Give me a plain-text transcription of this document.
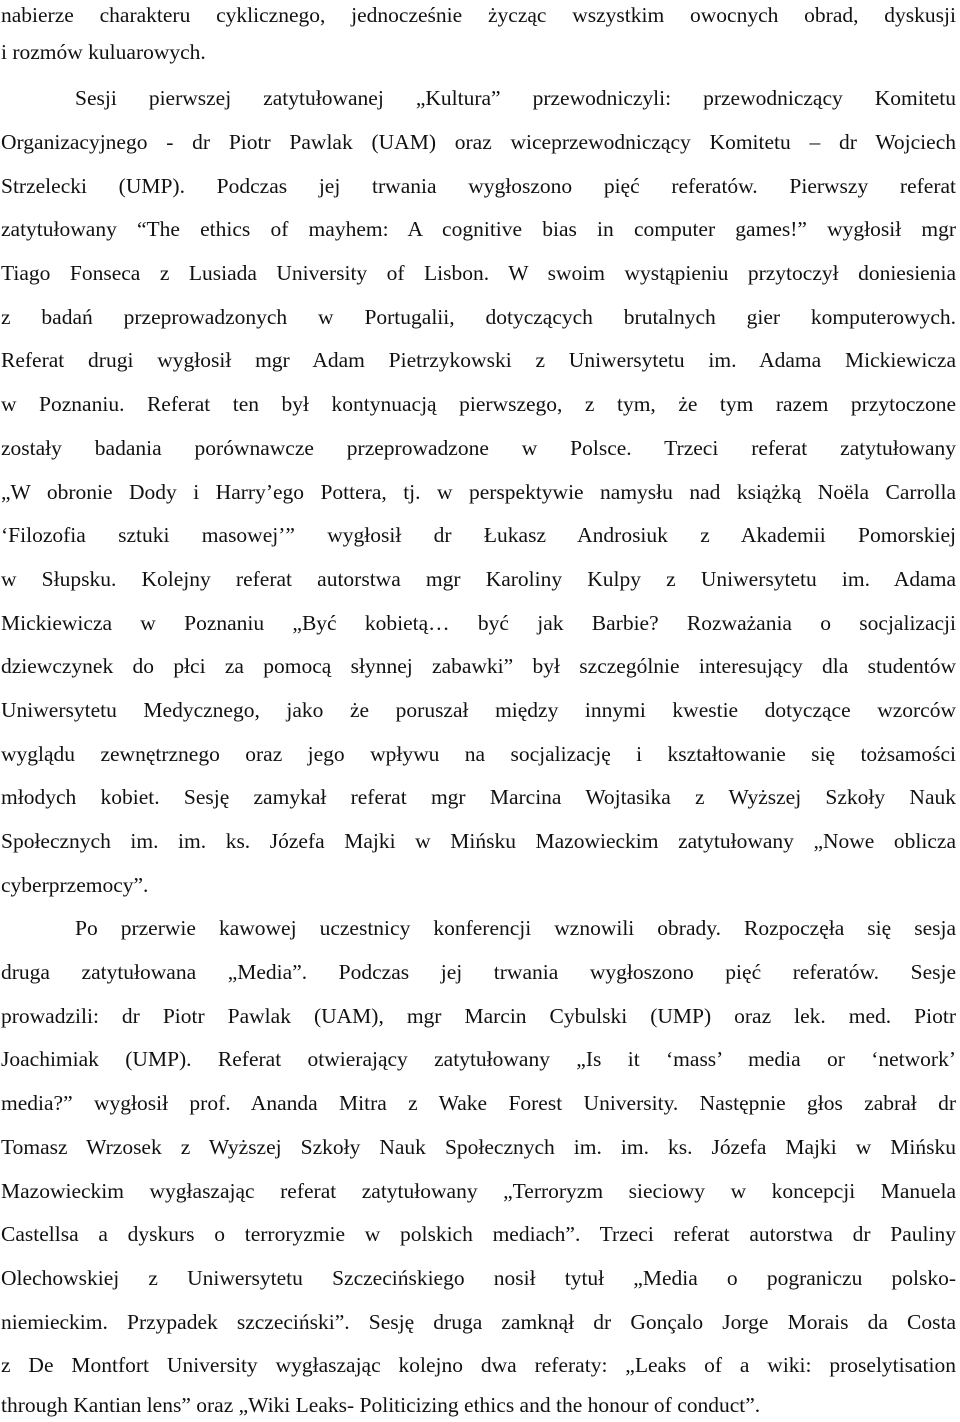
nabierze charakteru cyklicznego, jednocześnie życząc wszystkim owocnych obrad, dyskusji
i rozmów kuluarowych.
Sesji pierwszej zatytułowanej „Kultura” przewodniczyli: przewodniczący Komitetu
Organizacyjnego - dr Piotr Pawlak (UAM) oraz wiceprzewodniczący Komitetu – dr Wojciech
Strzelecki (UMP). Podczas jej trwania wygłoszono pięć referatów. Pierwszy referat
zatytułowany “The ethics of mayhem: A cognitive bias in computer games!” wygłosił mgr
Tiago Fonseca z Lusiada University of Lisbon. W swoim wystąpieniu przytoczył doniesienia
z badań przeprowadzonych w Portugalii, dotyczących brutalnych gier komputerowych.
Referat drugi wygłosił mgr Adam Pietrzykowski z Uniwersytetu im. Adama Mickiewicza
w Poznaniu. Referat ten był kontynuacją pierwszego, z tym, że tym razem przytoczone
zostały badania porównawcze przeprowadzone w Polsce. Trzeci referat zatytułowany
„W obronie Dody i Harry’ego Pottera, tj. w perspektywie namysłu nad książką Noëla Carrolla
‘Filozofia sztuki masowej’” wygłosił dr Łukasz Androsiuk z Akademii Pomorskiej
w Słupsku. Kolejny referat autorstwa mgr Karoliny Kulpy z Uniwersytetu im. Adama
Mickiewicza w Poznaniu „Być kobietą… być jak Barbie? Rozważania o socjalizacji
dziewczynek do płci za pomocą słynnej zabawki” był szczególnie interesujący dla studentów
Uniwersytetu Medycznego, jako że poruszał między innymi kwestie dotyczące wzorców
wyglądu zewnętrznego oraz jego wpływu na socjalizację i kształtowanie się tożsamości
młodych kobiet. Sesję zamykał referat mgr Marcina Wojtasika z Wyższej Szkoły Nauk
Społecznych im. im. ks. Józefa Majki w Mińsku Mazowieckim zatytułowany „Nowe oblicza
cyberprzemocy”.
Po przerwie kawowej uczestnicy konferencji wznowili obrady. Rozpoczęła się sesja
druga zatytułowana „Media”. Podczas jej trwania wygłoszono pięć referatów. Sesje
prowadzili: dr Piotr Pawlak (UAM), mgr Marcin Cybulski (UMP) oraz lek. med. Piotr
Joachimiak (UMP). Referat otwierający zatytułowany „Is it ‘mass’ media or ‘network’
media?” wygłosił prof. Ananda Mitra z Wake Forest University. Następnie głos zabrał dr
Tomasz Wrzosek z Wyższej Szkoły Nauk Społecznych im. im. ks. Józefa Majki w Mińsku
Mazowieckim wygłaszając referat zatytułowany „Terroryzm sieciowy w koncepcji Manuela
Castellsa a dyskurs o terroryzmie w polskich mediach”. Trzeci referat autorstwa dr Pauliny
Olechowskiej z Uniwersytetu Szczecińskiego nosił tytuł „Media o pograniczu polsko-
niemieckim. Przypadek szczeciński”. Sesję druga zamknął dr Gonçalo Jorge Morais da Costa
z De Montfort University wygłaszając kolejno dwa referaty: „Leaks of a wiki: proselytisation
through Kantian lens” oraz „Wiki Leaks- Politicizing ethics and the honour of conduct”.
